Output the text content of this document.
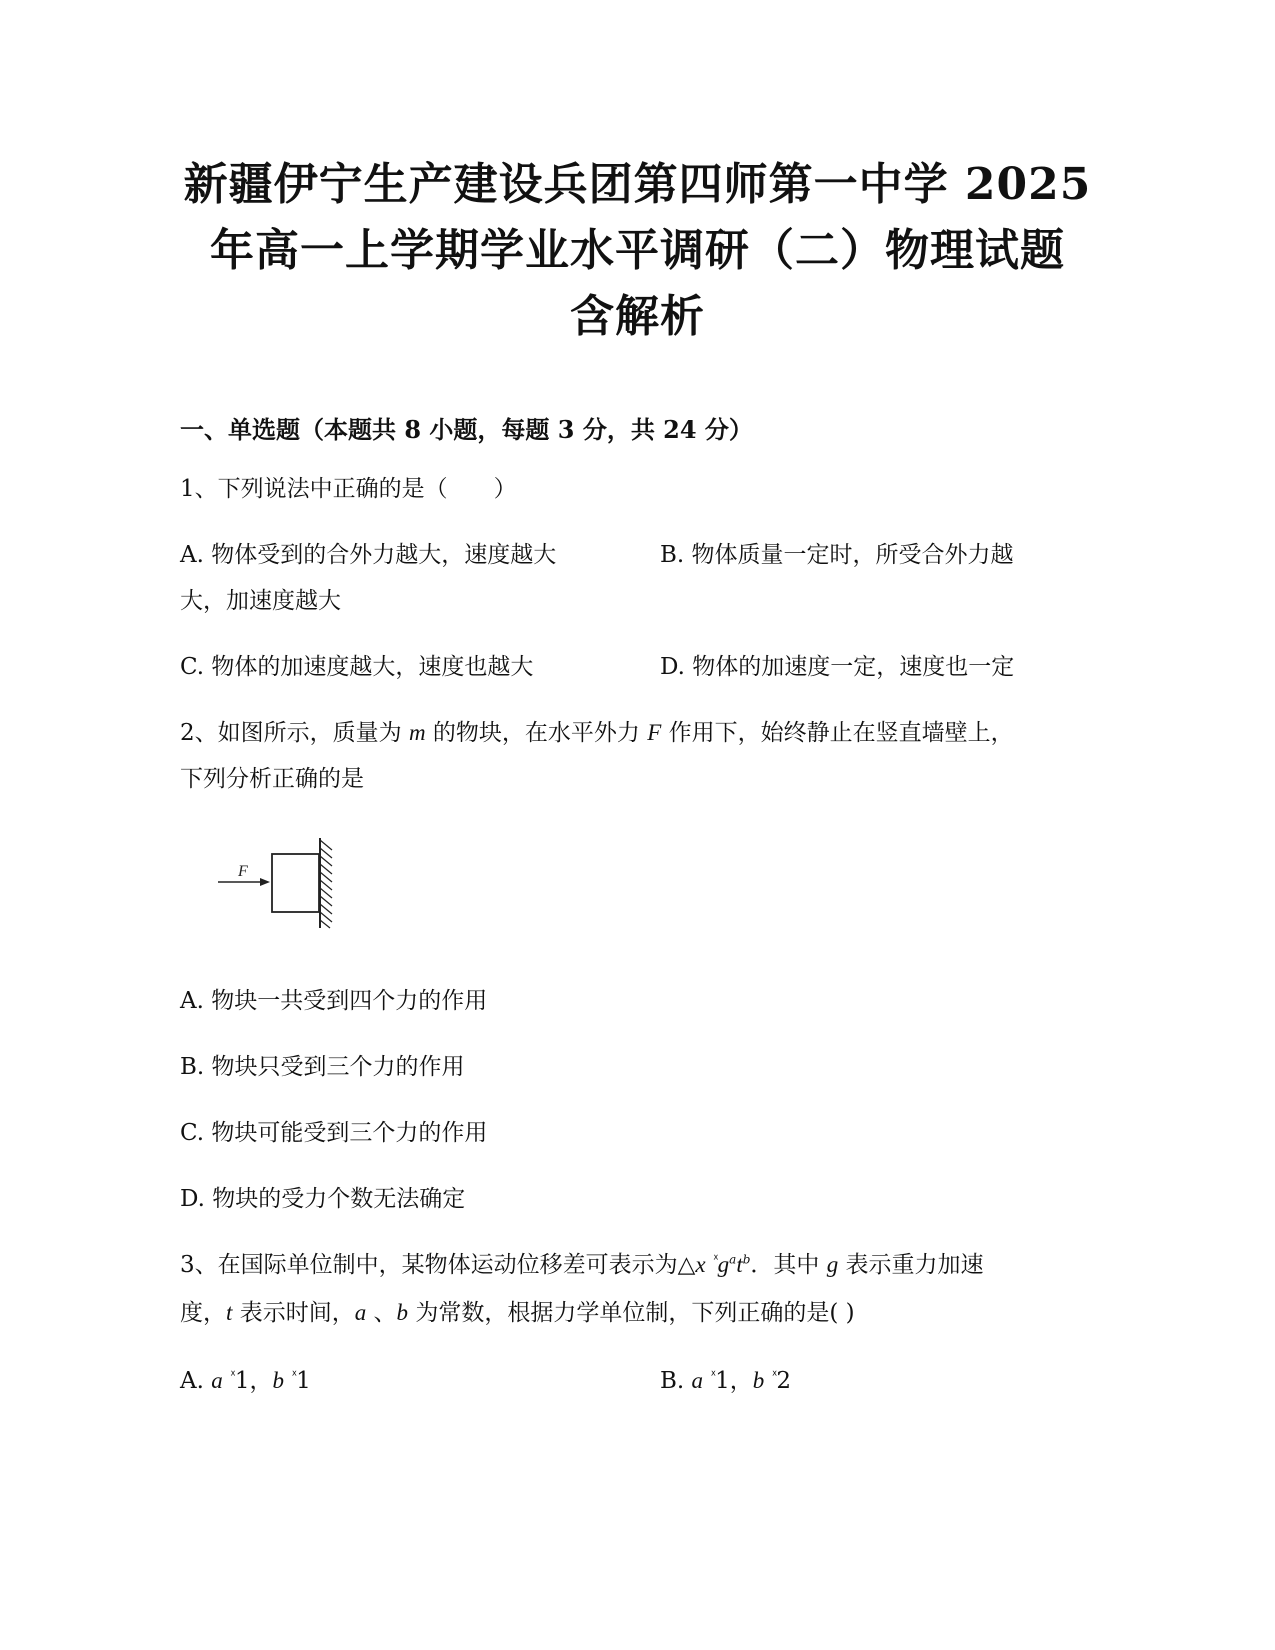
新疆伊宁生产建设兵团第四师第一中学 2025
年高一上学期学业水平调研（二）物理试题
含解析
一、单选题（本题共 8 小题，每题 3 分，共 24 分）
1、下列说法中正确的是（　　）
A. 物体受到的合外力越大，速度越大	B. 物体质量一定时，所受合外力越
大，加速度越大
C. 物体的加速度越大，速度也越大	D. 物体的加速度一定，速度也一定
2、如图所示，质量为 m 的物块，在水平外力 F 作用下，始终静止在竖直墙壁上，
下列分析正确的是
F
A. 物块一共受到四个力的作用
B. 物块只受到三个力的作用
C. 物块可能受到三个力的作用
D. 物块的受力个数无法确定
3、在国际单位制中，某物体运动位移差可表示为△x $^ᕁg^at^b$．其中 g 表示重力加速
度，t 表示时间，a 、b 为常数，根据力学单位制，下列正确的是( )
A. a $^ᕁ$1，b $^ᕁ$1	B. a $^ᕁ$1，b $^ᕁ$2
